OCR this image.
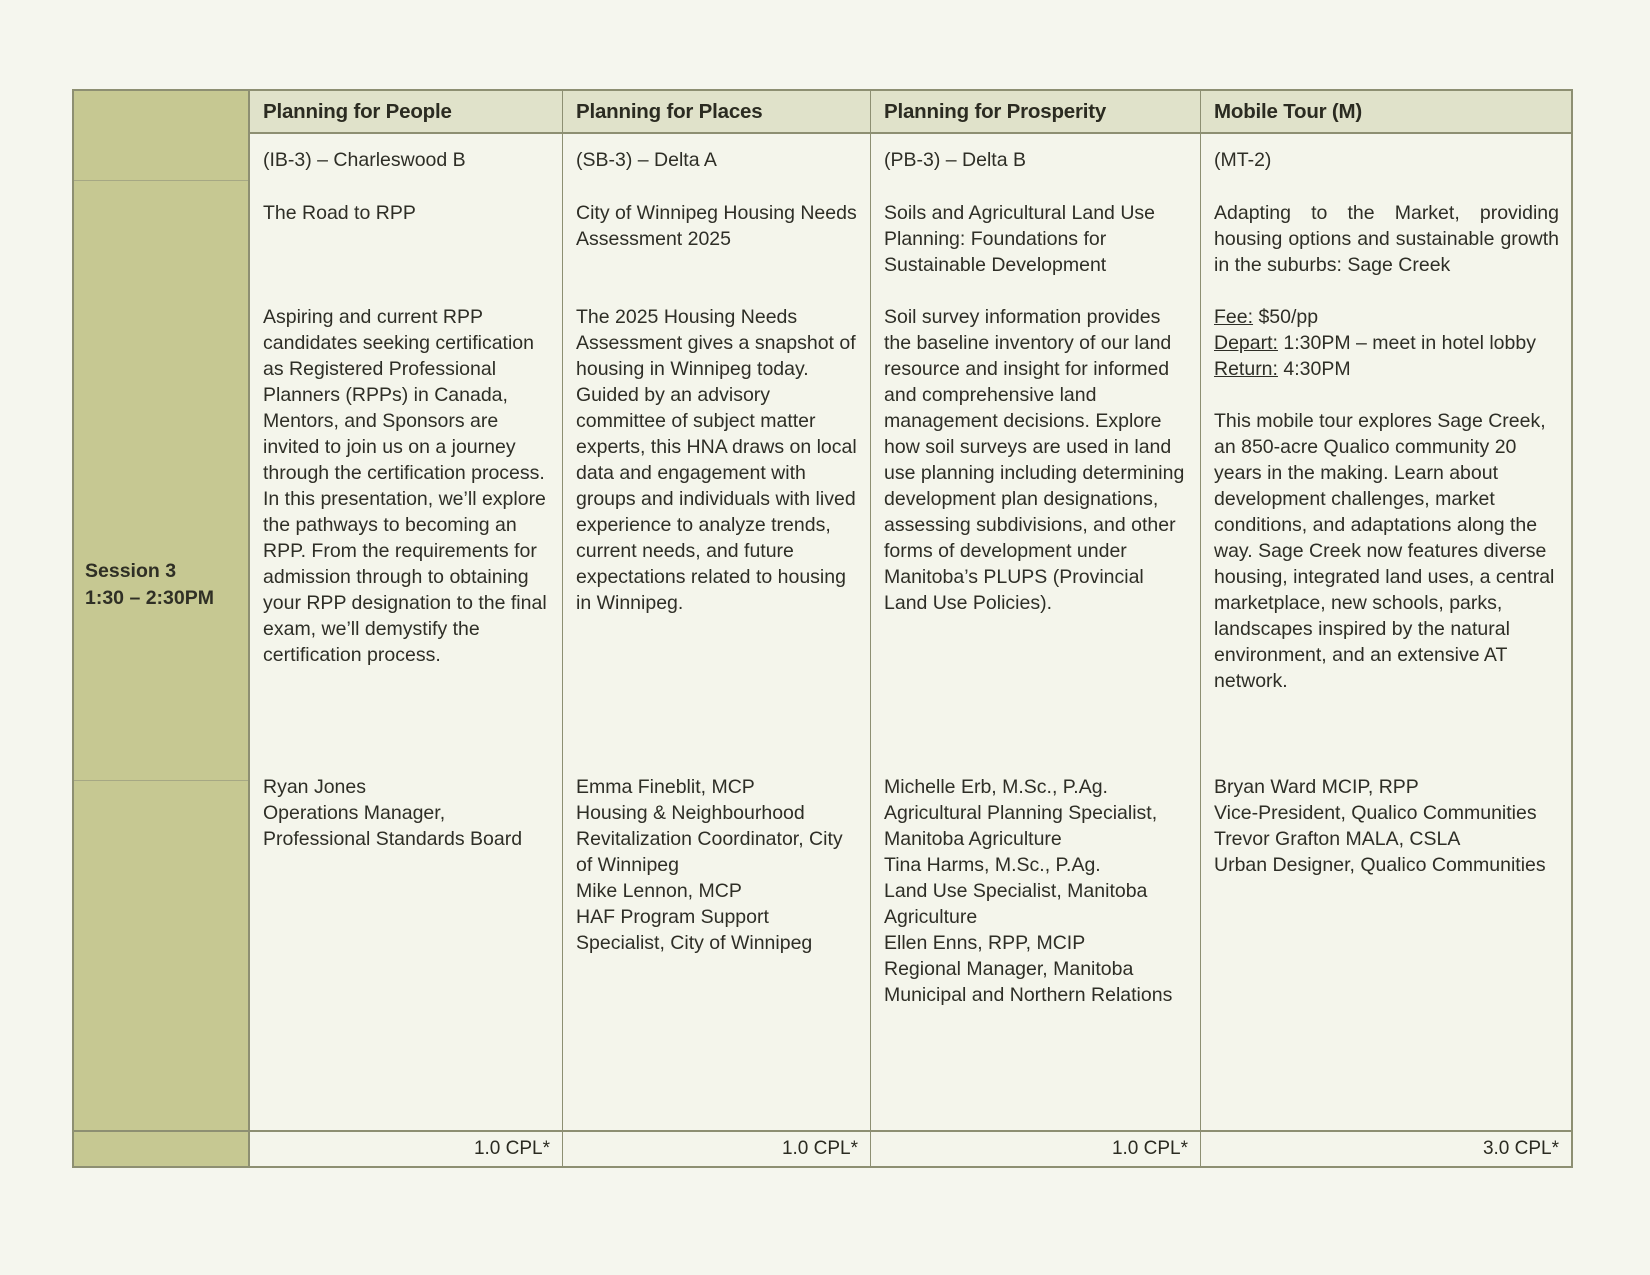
Session 3
1:30 – 2:30PM
Planning for People
(IB-3) – Charleswood B
The Road to RPP
Aspiring and current RPP candidates seeking certification as Registered Professional Planners (RPPs) in Canada, Mentors, and Sponsors are invited to join us on a journey through the certification process. In this presentation, we’ll explore the pathways to becoming an RPP. From the requirements for admission through to obtaining your RPP designation to the final exam, we’ll demystify the certification process.
Ryan Jones
Operations Manager, Professional Standards Board
1.0 CPL*
Planning for Places
(SB-3) – Delta A
City of Winnipeg Housing Needs Assessment 2025
The 2025 Housing Needs Assessment gives a snapshot of housing in Winnipeg today. Guided by an advisory committee of subject matter experts, this HNA draws on local data and engagement with groups and individuals with lived experience to analyze trends, current needs, and future expectations related to housing in Winnipeg.
Emma Fineblit, MCP
Housing & Neighbourhood Revitalization Coordinator, City of Winnipeg
Mike Lennon, MCP
HAF Program Support Specialist, City of Winnipeg
1.0 CPL*
Planning for Prosperity
(PB-3) – Delta B
Soils and Agricultural Land Use Planning: Foundations for Sustainable Development
Soil survey information provides the baseline inventory of our land resource and insight for informed and comprehensive land management decisions. Explore how soil surveys are used in land use planning including determining development plan designations, assessing subdivisions, and other forms of development under Manitoba’s PLUPS (Provincial Land Use Policies).
Michelle Erb, M.Sc., P.Ag.
Agricultural Planning Specialist, Manitoba Agriculture
Tina Harms, M.Sc., P.Ag.
Land Use Specialist, Manitoba Agriculture
Ellen Enns, RPP, MCIP
Regional Manager, Manitoba Municipal and Northern Relations
1.0 CPL*
Mobile Tour (M)
(MT-2)
Adapting to the Market, providing housing options and sustainable growth in the suburbs: Sage Creek
Fee: $50/pp
Depart: 1:30PM – meet in hotel lobby
Return: 4:30PM
This mobile tour explores Sage Creek, an 850-acre Qualico community 20 years in the making. Learn about development challenges, market conditions, and adaptations along the way. Sage Creek now features diverse housing, integrated land uses, a central marketplace, new schools, parks, landscapes inspired by the natural environment, and an extensive AT network.
Bryan Ward MCIP, RPP
Vice-President, Qualico Communities
Trevor Grafton MALA, CSLA
Urban Designer, Qualico Communities
3.0 CPL*
